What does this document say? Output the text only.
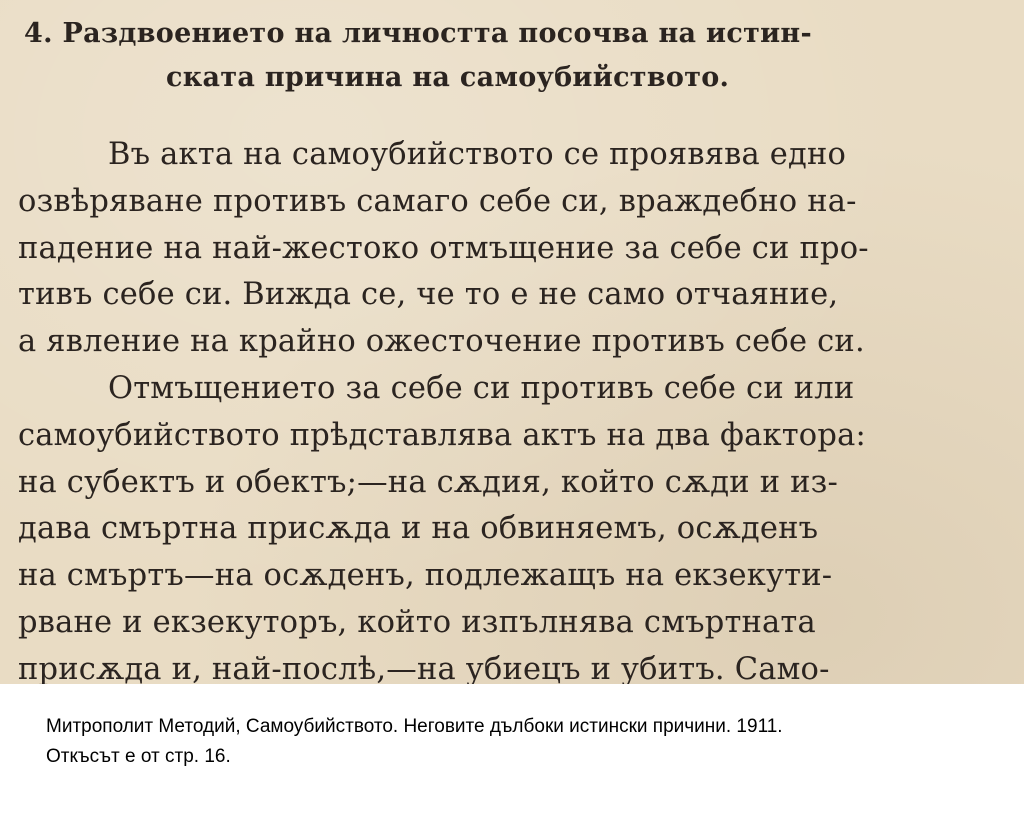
4. Раздвоението на личността посочва на истин-
ската причина на самоубийството.
Въ акта на самоубийството се проявява едно
озвѣряване противъ самаго себе си, враждебно на-
падение на най-жестоко отмъщение за себе си про-
тивъ себе си. Вижда се, че то е не само отчаяние,
а явление на крайно ожесточение противъ себе си.
Отмъщението за себе си противъ себе си или
самоубийството прѣдставлява актъ на два фактора:
на субектъ и обектъ;—на сѫдия, който сѫди и из-
дава смъртна присѫда и на обвиняемъ, осѫденъ
на смъртъ—на осѫденъ, подлежащъ на екзекути-
рване и екзекуторъ, който изпълнява смъртната
присѫда и, най-послѣ,—на убиецъ и убитъ. Само-
Митрополит Методий, Самоубийството. Неговите дълбоки истински причини. 1911.
Откъсът е от стр. 16.
